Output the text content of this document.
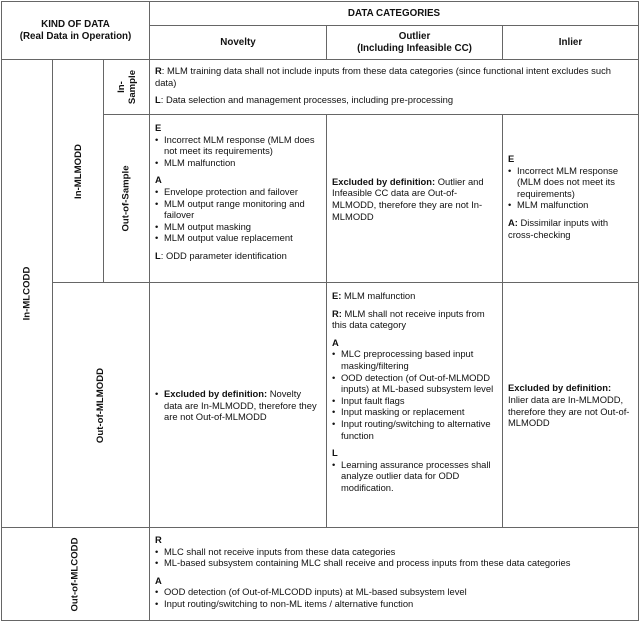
KIND OF DATA
(Real Data in Operation)
DATA CATEGORIES
Novelty
Outlier
(Including Infeasible CC)
Inlier
In-MLCODD
In-MLMODD
In-Sample R: MLM training data shall not include inputs from these data categories (since functional intent excludes such data)

L: Data selection and management processes, including pre-processing

Out-of-Sample

E

• Incorrect MLM response (MLM does not meet its requirements)
• MLM malfunction

A

• Envelope protection and failover
• MLM output range monitoring and failover
• MLM output masking
• MLM output value replacement

L: ODD parameter identification

Excluded by definition: Outlier and Infeasible CC data are Out-of-MLMODD, therefore they are not In-MLMODD

E

• Incorrect MLM response (MLM does not meet its requirements)
• MLM malfunction

A: Dissimilar inputs with cross-checking

Out-of-MLMODD
•	Excluded by definition: Novelty data are In-MLMODD, therefore they are not Out-of-MLMODD

E: MLM malfunction

R: MLM shall not receive inputs from this data category

A

• MLC preprocessing based input masking/filtering
• OOD detection (of Out-of-MLMODD inputs) at ML-based subsystem level
• Input fault flags
• Input masking or replacement
• Input routing/switching to alternative function

L

• Learning assurance processes shall analyze outlier data for ODD modification.

Excluded by definition: Inlier data are In-MLMODD, therefore they are not Out-of-MLMODD

Out-of-MLCODD	R

• MLC shall not receive inputs from these data categories
• ML-based subsystem containing MLC shall receive and process inputs from these data categories

A

• OOD detection (of Out-of-MLCODD inputs) at ML-based subsystem level
• Input routing/switching to non-ML items / alternative function
